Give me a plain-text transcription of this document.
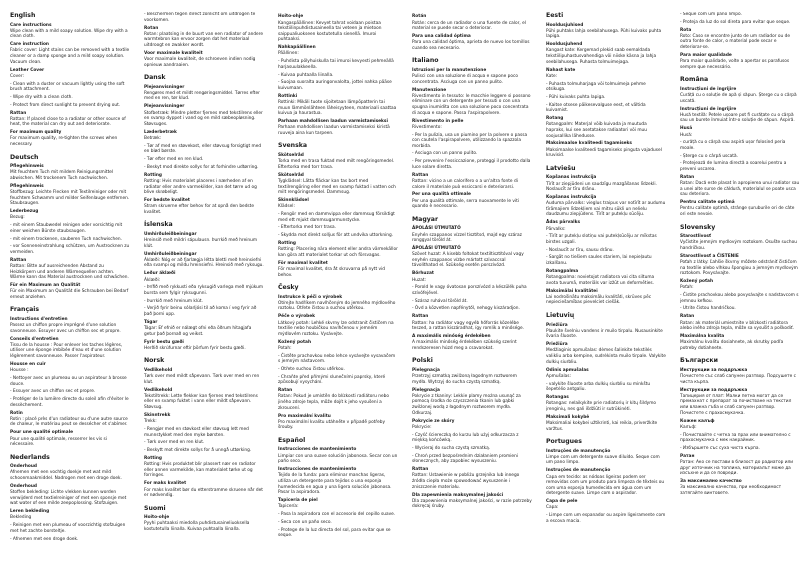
English
Care instructions
Wipe clean with a mild soapy solution. Wipe dry with a clean cloth.
Care instruction
Fabric cover: Light stains can be removed with a textile cleaner or a damp sponge and a mild soapy solution. Vacuum clean.
Leather Cover
Cover:
- Clean with a duster or vacuum lightly using the soft brush attachment.
- Wipe dry with a clean cloth.
- Protect from direct sunlight to prevent drying out.
Rattan
Rattan: If placed close to a radiator or other source of heat, the material can dry out and deteriorate.
For maximum quality
For maximum quality, re-tighten the screws when necessary.
Deutsch
Pflegehinweis
Mit feuchtem Tuch mit mildem Reinigungsmittel abwischen. Mit trockenem Tuch nachwischen.
Pflegehinweis
Stoffbezug: Leichte Flecken mit Textilreiniger oder mit feuchtem Schwamm und milder Seifenlauge entfernen. Staubsaugen.
Lederbezug
Bezug:
- mit einem Staubwedel reinigen oder vorsichtig mit einer weichen Bürste staubsaugen.
- mit einem trockenen, sauberen Tuch nachwischen.
- vor Sonneneinstrahlung schützen, um Austrocknen zu vermeiden.
Rattan
Rattan: Bitte auf ausreichenden Abstand zu Heizkörpern und anderen Wärmequellen achten. Wärme kann das Material austrocknen und schwächen.
Für ein Maximum an Qualität
Für ein Maximum an Qualität die Schrauben bei Bedarf erneut anziehen.
Français
Instructions d'entretien
Passez un chiffon propre imprégné d'une solution savonneuse. Essuyer avec un chiffon sec et propre.
Conseils d'entretien
Tissu de la housse : Pour enlever les taches légères, utiliser une éponge imbibée d'eau et d'une solution légèrement savonneuse. Passer l'aspirateur.
Housse en cuir
Housse :
- Nettoyer avec un plumeau ou un aspirateur à brosse douce.
- Essuyer avec un chiffon sec et propre.
- Protéger de la lumière directe du soleil afin d'éviter le dessèchement.
Rotin
Rotin : placé près d'un radiateur ou d'une autre source de chaleur, le matériau peut se dessécher et s'abîmer.
Pour une qualité optimale
Pour une qualité optimale, resserrer les vis si nécessaire.
Nederlands
Onderhoud
Afnemen met een vochtig doekje met wat mild schoonmaakmiddel. Nadrogen met een droge doek.
Onderhoud
Stoffen bekleding: Lichte vlekken kunnen worden verwijderd met textielreiniger of met een sponsje met wat water of een milde zeepoplossing. Stofzuigen.
Leren bekleding
Bekleding
- Reinigen met een plumeau of voorzichtig stofzuigen met het zachte borsteltje.
- Afnemen met een droge doek.
- Beschermen tegen direct zonlicht om uitdrogen te voorkomen.
Rotan
Rotan: plaatsing in de buurt van een radiator of andere warmtebron kan ervoor zorgen dat het materiaal uitdroogt en zwakker wordt.
Voor maximale kwaliteit
Voor maximale kwaliteit, de schroeven indien nodig opnieuw aandraaien.
Dansk
Plejeanvisninger
Rengøres med et mildt rengøringsmiddel. Tørres efter med en ren, tør klud.
Plejeanvisninger
Stofbetræk: Mindre pletter fjernes med tekstilrens eller en svamp dyppet i vand og en mild sæbeopløsning. Støvsuges.
Læderbetræk
Betræk:
- Tør af med en støvekost, eller støvsug forsigtigt med en blød børste.
- Tør efter med en ren klud.
- Beskyt mod direkte sollys for at forhindre udtørring.
Rotting
Rotting: Hvis materialet placeres i nærheden af en radiator eller andre varmekilder, kan det tørre ud og blive skrøbeligt.
For bedste kvalitet
Stram skruerne efter behov for at opnå den bedste kvalitet.
Íslenska
Umhirðuleiðbeiningar
Hreinsið með mildri sápulausn. Þurrkið með hreinum klút.
Umhirðuleiðbeiningar
Áklæði: Nóg er að fjarlægja létta bletti með hreinsiefni eða svampi og mildu hreinsiefni. Hreinsið með ryksugu.
Leður áklæði
Áklæði:
- Þrífið með rykkusti eða ryksugið varlega með mjúkum bursta sem fylgir ryksugunni.
- Þurrkið með hreinum klút.
- Verjið fyrir beinu sólarljósi til að koma í veg fyrir að það þorni upp.
Tágar
Tágar: Ef efnið er nálægt ofni eða öðrum hitagjafa getur það þornað og veikst.
Fyrir bestu gæði
Herðið skrúfurnar eftir þörfum fyrir bestu gæði.
Norsk
Vedlikehold
Tørk over med mildt såpevann. Tørk over med en ren klut.
Vedlikehold
Tekstiltrekk: Lette flekker kan fjernes med tekstilrens eller en svamp fuktet i vann eller mildt såpevann. Støvsug.
Skinntrekk
Trekk:
- Rengjør med en støvkost eller støvsug lett med munnstykket med den myke børsten.
- Tørk over med en ren klut.
- Beskytt mot direkte sollys for å unngå uttørking.
Rotting
Rotting: Hvis produktet blir plassert nær en radiator eller annen varmekilde, kan materialet tørke ut og forringes.
For maks kvalitet
For maks kvalitet bør du etterstramme skruene når det er nødvendig.
Suomi
Hoito-ohje
Pyyhi puhtaaksi miedolla puhdistusaineliuoksella kostutetulla liinalla. Kuivaa puhtaalla liinalla.
Hoito-ohje
Kangaspäällinen: Kevyet tahrat voidaan poistaa tekstiilinpuhdistusaineella tai veteen ja mietoon saippualiuokseen kostutetulla sienellä. Imuroi puhtaaksi.
Nahkapäällinen
Päällinen:
- Puhdista pölyhuiskulla tai imuroi kevyesti pehmeällä harjasuulakkeella.
- Kuivaa puhtaalla liinalla.
- Suojaa suoralta auringonvalolta, jottei nahka pääse kuivumaan.
Rottinki
Rottinki: Mikäli tuote sijoitetaan lämpöpatterin tai muun lämmönlähteen läheisyyteen, materiaali saattaa kuivua ja haurastua.
Parhaan mahdollisen laadun varmistamiseksi
Parhaan mahdollisen laadun varmistamiseksi kiristä ruuveja aina kun tarpeen.
Svenska
Skötselråd
Torka med en trasa fuktad med milt rengöringsmedel. Eftertorka med torr trasa.
Skötselråd
Tygklädsel: Lätta fläckar kan tas bort med textilrengöring eller med en svamp fuktad i vatten och milt rengöringsmedel. Dammsug.
Skinnklädsel
Klädsel:
- Rengör med en dammvippa eller dammsug försiktigt med ett mjukt dammsugarmunstycke.
- Eftertorka med torr trasa.
- Skydda mot direkt solljus för att undvika uttorkning.
Rotting
Rotting: Placering nära element eller andra värmekällor kan göra att materialet torkar ut och försvagas.
För maximal kvalitet
För maximal kvalitet, dra åt skruvarna på nytt vid behov.
Česky
Instrukce k péči o výrobek
Otírejte hadříkem navlhčeným do jemného mýdlového roztoku. Otřete čistou a suchou utěrkou.
Péče o výrobek
Látkový potah: Lehké skvrny lze odstranit čističem na textilie nebo houbičkou navlhčenou v jemném mýdlovém roztoku. Vysávejte.
Kožený potah
Potah:
- Čistěte prachovkou nebo lehce vysávejte vysavačem s jemným nástavcem.
- Otřete suchou čistou utěrkou.
- Chraňte před přímými slunečními paprsky, které způsobují vysychání.
Ratan
Ratan: Pokud je umístěn do blízkosti radiátoru nebo jiného zdroje tepla, může dojít k jeho vysušení a zkroucení.
Pro maximální kvalitu
Pro maximální kvalitu utáhněte v případě potřeby šrouby.
Español
Instrucciones de mantenimiento
Limpiar con una suave solución jabonosa. Secar con un paño seco.
Instrucciones de mantenimiento
Tejido de la funda: para eliminar manchas ligeras, utiliza un detergente para tejidos o una esponja humedecida en agua y una ligera solución jabonosa. Pasar la aspiradora.
Tapicería de piel
Tapicería:
- Pasa la aspiradora con el accesorio del cepillo suave.
- Seca con un paño seco.
- Protege de la luz directa del sol, para evitar que se seque.
Rotán
Rotán: cerca de un radiador o una fuente de calor, el material se puede secar o deteriorar.
Para una calidad óptima
Para una calidad óptima, aprieta de nuevo los tornillos cuando sea necesario.
Italiano
Istruzioni per la manutenzione
Pulisci con una soluzione di acqua e sapone poco concentrata. Asciuga con un panno pulito.
Manutenzione
Rivestimento in tessuto: le macchie leggere si possono eliminare con un detergente per tessuti o con una spugna inumidita con una soluzione poco concentrata di acqua e sapone. Passa l'aspirapolvere.
Rivestimento in pelle
Rivestimento:
- Per la pulizia, usa un piumino per la polvere o passa con cautela l'aspirapolvere, utilizzando la spazzola morbida.
- Asciuga con un panno pulito.
- Per prevenire l'essiccazione, proteggi il prodotto dalla luce solare diretta.
Rattan
Rattan: vicino a un calorifero o a un'altra fonte di calore il materiale può essiccarsi e deteriorarsi.
Per una qualità ottimale
Per una qualità ottimale, serra nuovamente le viti quando è necessario.
Magyar
ÁPOLÁSI ÚTMUTATÓ
Enyhén szappanos vízzel tisztítsd, majd egy száraz ronggyal töröld át.
ÁPOLÁSI ÚTMUTATÓ
Szövet huzat: A kisebb foltokat textiltisztítóval vagy enyhén szappanos vízbe mártott szivaccsal távolíthatod el. Szükség esetén porszívózd.
Bőrhuzat
Huzat:
- Porold le vagy óvatosan porszívózd a készülék puha szívófejével.
- Száraz ruhával töröld át.
- Óvd a közvetlen napfénytől, nehogy kiszáradjon.
Rattan
Rattan: ha radiátor vagy egyéb hőforrás közelébe teszed, a rattan kiszáradhat, így romlik a minősége.
A maximális minőség érdekében
A maximális minőség érdekében szükség szerint rendszeresen húzd meg a csavarokat.
Polski
Pielęgnacja
Przetrzyj szmatką zwilżoną łagodnym roztworem mydła. Wytrzyj do sucha czystą szmatką.
Pielęgnacja
Pokrycie z tkaniny: Lekkie plamy można usunąć za pomocą środka do czyszczenia tkanin lub gąbki zwilżonej wodą z łagodnym roztworem mydła. Odkurzaj.
Pokrycie ze skóry
Pokrycie:
- Czyść ściereczką do kurzu lub użyj odkurzacza z miękką końcówką.
- Wycieraj do sucha czystą szmatką.
- Chroń przed bezpośrednim działaniem promieni słonecznych, aby zapobiec wysuszeniu.
Rattan
Rattan: Ustawienie w pobliżu grzejnika lub innego źródła ciepła może spowodować wysuszenie i zniszczenie materiału.
Dla zapewnienia maksymalnej jakości
Dla zapewnienia maksymalnej jakości, w razie potrzeby dokręcaj śruby.
Eesti
Hooldusjuhised
Pühi puhtaks lahja seebilahusega. Pühi kuivaks puhta lapiga.
Hooldusjuhend
Kangast kate: Kergemad plekid saab eemaldada tekstiilipuhastusvahendiga või niiske käsna ja lahja seebilahusega. Puhasta tolmuimejaga.
Nahast kate
Kate:
- Puhasta tolmuharjaga või tolmuimeja pehme otsikuga.
- Pühi kuivaks puhta lapiga.
- Kaitse otsese päikesevalguse eest, et vältida kuivamist.
Rotang
Rotangpalm: Materjal võib kuivada ja muutuda hapraks, kui see asetatakse radiaatori või muu soojusallika lähedusse.
Maksimaalse kvaliteedi tagamiseks
Maksimaalse kvaliteedi tagamiseks pinguta vajadusel kruvisid.
Latviešu
Kopšanas instrukcija
Tīrīt ar ziepjūdeni un saudzīgu mazgāšanas līdzekli. Noslaucīt ar tīru drānu.
Kopšanas instrukcija
Auduma pārvalks: vieglus traipus var notīrīt ar audumu tīrāmajiem līdzekļiem vai mitru sūkli un nelielu daudzumu ziepjūdens. Tīrīt ar putekļu sūcēju.
Ādas pārvalks
Pārvalks:
- Tīrīt ar putekļu slotiņu vai putekļsūcēju ar mīkstas birstes uzgali.
- Noslaucīt ar tīru, sausu drānu.
- Sargāt no tiešiem saules stariem, lai nepieļautu izkalšanu.
Rotangpalma
Rotangpalma: novietojot radiatora vai cita siltuma avota tuvumā, materiāls var izžūt un deformēties.
Maksimālai kvalitātei
Lai nodrošinātu maksimālu kvalitāti, skrūves pēc nepieciešamības pievelciet ciešāk.
Lietuvių
Priežiūra
Plaukite švelniu vandens ir muilo tirpalu. Nusausinkite švaria šluoste.
Priežiūra
Medžiaginis apmušalas: dėmes šalinkite tekstilės valikliu arba kempine, sudrėkinta muilo tirpale. Valykite dulkių siurbliu.
Odinis apmušalas
Apmušalas:
- valykite šluoste arba dulkių siurbliu su minkštu šepetėlio antgaliu.
Rotangas
Rotangas: nelaikykite prie radiatorių ir kitų šildymo įrenginių, nes gali išdžiūti ir sutrūkinėti.
Maksimali kokybė
Maksimaliai kokybei užtikrinti, kai reikia, priveržkite varžtus.
Portugues
Instruções de manutenção
Limpe com um detergente suave diluído. Seque com um pano limpo.
Instruções de manutenção
Capa em tecido: as nódoas ligeiras podem ser removidas com um produto para limpeza de têxteis ou com uma esponja humedecida em água com um detergente suave. Limpe com o aspirador.
Capa de pele
Capa:
- Limpe com um espanador ou aspire ligeiramente com a escova macia.
- Seque com um pano limpo.
- Proteja da luz do sol direta para evitar que seque.
Rota
Roto: Caso se encontre junto de um radiador ou de outra fonte de calor, o material pode secar e deteriorar-se.
Para maior qualidade
Para maior qualidade, volte a apertar os parafusos sempre que necessário.
Româna
Instrucțiuni de îngrijire
Curăță cu o soluție de apă și săpun. Șterge cu o cârpă uscată.
Instrucțiuni de îngrijire
Husă textilă: Petele ușoare pot fi curățate cu o cârpă sau un burete înmuiat într-o soluție de săpun. Aspiră.
Husă
Husă:
- curăță cu o cârpă sau aspiră ușor folosind peria moale.
- Șterge cu o cârpă uscată.
- Protejează de lumina directă a soarelui pentru a preveni uscarea.
Ratan
Ratan: Dacă este plasat în apropierea unui radiator sau a unei alte surse de căldură, materialul se poate usca sau deteriora.
Pentru calitate optimă
Pentru calitate optimă, strânge șuruburile ori de câte ori este nevoie.
Slovensky
Starostlivosť
Vyčistite jemným mydlovým roztokom. Osušte suchou handričkou.
Starostlivosť a ČISTENIE
Poťah z látky: Ľahšie škvrny môžete odstrániť čističom na textílie alebo vlhkou špongiou a jemným mydlovým roztokom. Povysávajte.
Kožený poťah
Poťah:
- Čistite prachovkou alebo povysávajte s nadstavcom s jemnou kefkou.
- Utrite čistou handričkou.
Ratan
Ratan: ak materiál umiestnite v blízkosti radiátora alebo iného zdroja tepla, môže sa vysušiť a poškodiť.
Maximálna kvalita
Maximálnu kvalitu dosiahnete, ak skrutky podľa potreby dotiahnete.
Български
Инструкции за поддръжка
Почистете със слаб сапунен разтвор. Подсушете с чиста кърпа.
Инструкции за поддръжка
Тапицерия от плат: Малки петна могат да се премахнат с препарат за почистване на текстил или влажна гъба и слаб сапунен разтвор. Почистете с прахосмукачка.
Кожен калъф
Калъф:
- Почиствайте с четка за прах или внимателно с прахосмукачка с мек накрайник.
- Избършете със суха чиста кърпа.
Ратан
Ратан: Ако се постави в близост до радиатор или друг източник на топлина, материалът може да изсъхне и да се повреди.
За максимално качество
За максимално качество, при необходимост затягайте винтовете.
